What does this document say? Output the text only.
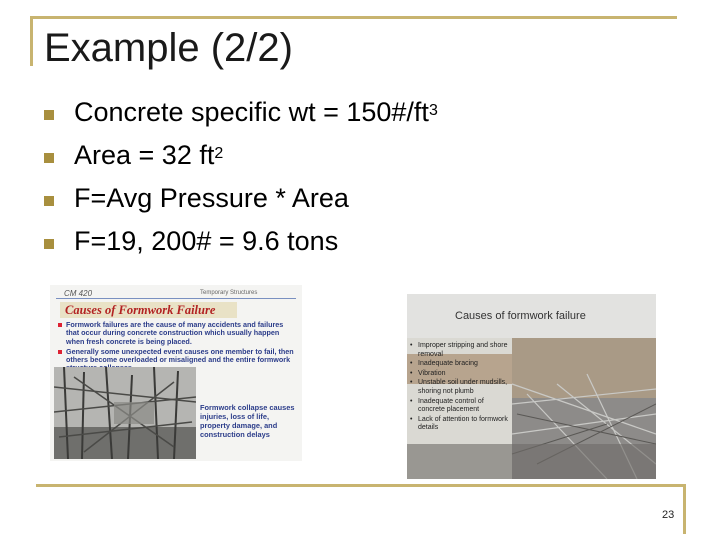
Example (2/2)
Concrete specific wt = $150\#/ft^3$
Area = 32 $ft^2$
F=Avg Pressure * Area
F=19, 200# = 9.6 tons
CM 420	Temporary Structures
Causes of Formwork Failure
Formwork failures are the cause of many accidents and failures that occur during concrete construction which usually happen when fresh concrete is being placed.
Generally some unexpected event causes one member to fail, then others become overloaded or misaligned and the entire formwork
Formwork collapse causes injuries, loss of life, property damage, and construction delays
Causes of formwork failure
• Improper stripping and shore removal
• Inadequate bracing
• Vibration
• Unstable soil under mudsills, shoring not plumb
• Inadequate control of concrete placement
• Lack of attention to formwork details
23
